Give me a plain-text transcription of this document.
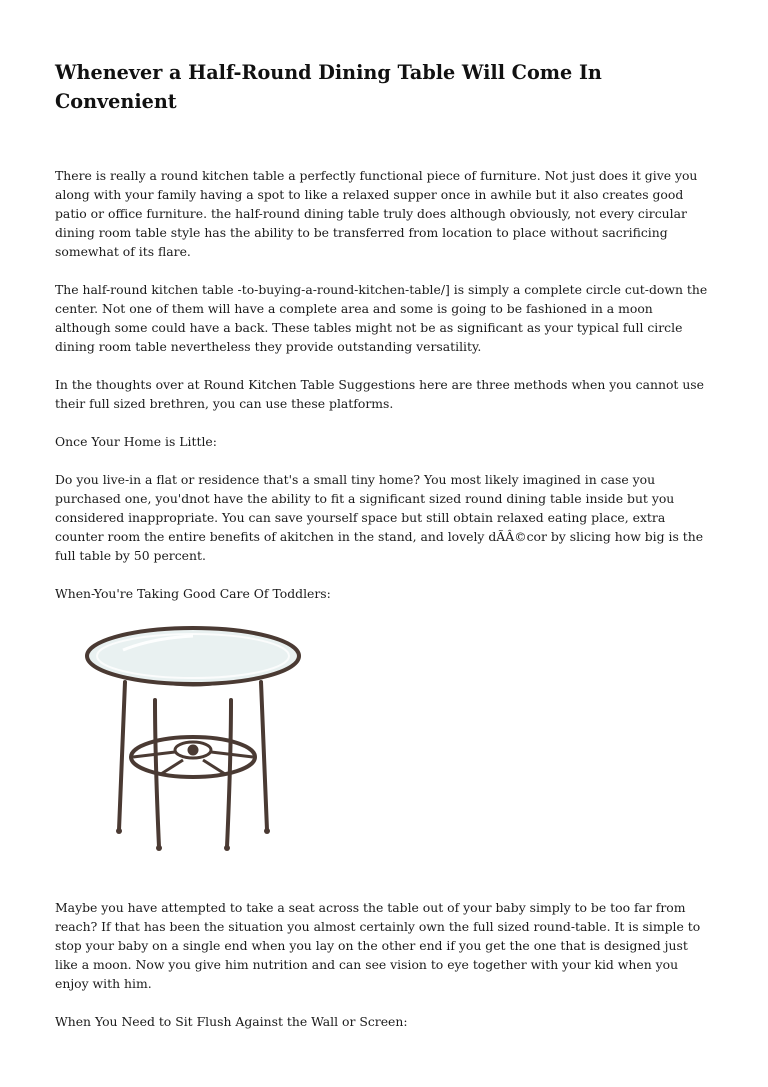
Whenever a Half-Round Dining Table Will Come In Convenient

There is really a round kitchen table a perfectly functional piece of furniture. Not just does it give you along with your family having a spot to like a relaxed supper once in awhile but it also creates good patio or office furniture. the half-round dining table truly does although obviously, not every circular dining room table style has the ability to be transferred from location to place without sacrificing somewhat of its flare.

The half-round kitchen table -to-buying-a-round-kitchen-table/] is simply a complete circle cut-down the center. Not one of them will have a complete area and some is going to be fashioned in a moon although some could have a back. These tables might not be as significant as your typical full circle dining room table nevertheless they provide outstanding versatility.

In the thoughts over at Round Kitchen Table Suggestions here are three methods when you cannot use their full sized brethren, you can use these platforms.

Once Your Home is Little:

Do you live-in a flat or residence that's a small tiny home? You most likely imagined in case you purchased one, you'dnot have the ability to fit a significant sized round dining table inside but you considered inappropriate. You can save yourself space but still obtain relaxed eating place, extra counter room the entire benefits of akitchen in the stand, and lovely dÃÂ©cor by slicing how big is the full table by 50 percent.

When-You're Taking Good Care Of Toddlers:

Maybe you have attempted to take a seat across the table out of your baby simply to be too far from reach? If that has been the situation you almost certainly own the full sized round-table. It is simple to stop your baby on a single end when you lay on the other end if you get the one that is designed just like a moon. Now you give him nutrition and can see vision to eye together with your kid when you enjoy with him.

When You Need to Sit Flush Against the Wall or Screen:
